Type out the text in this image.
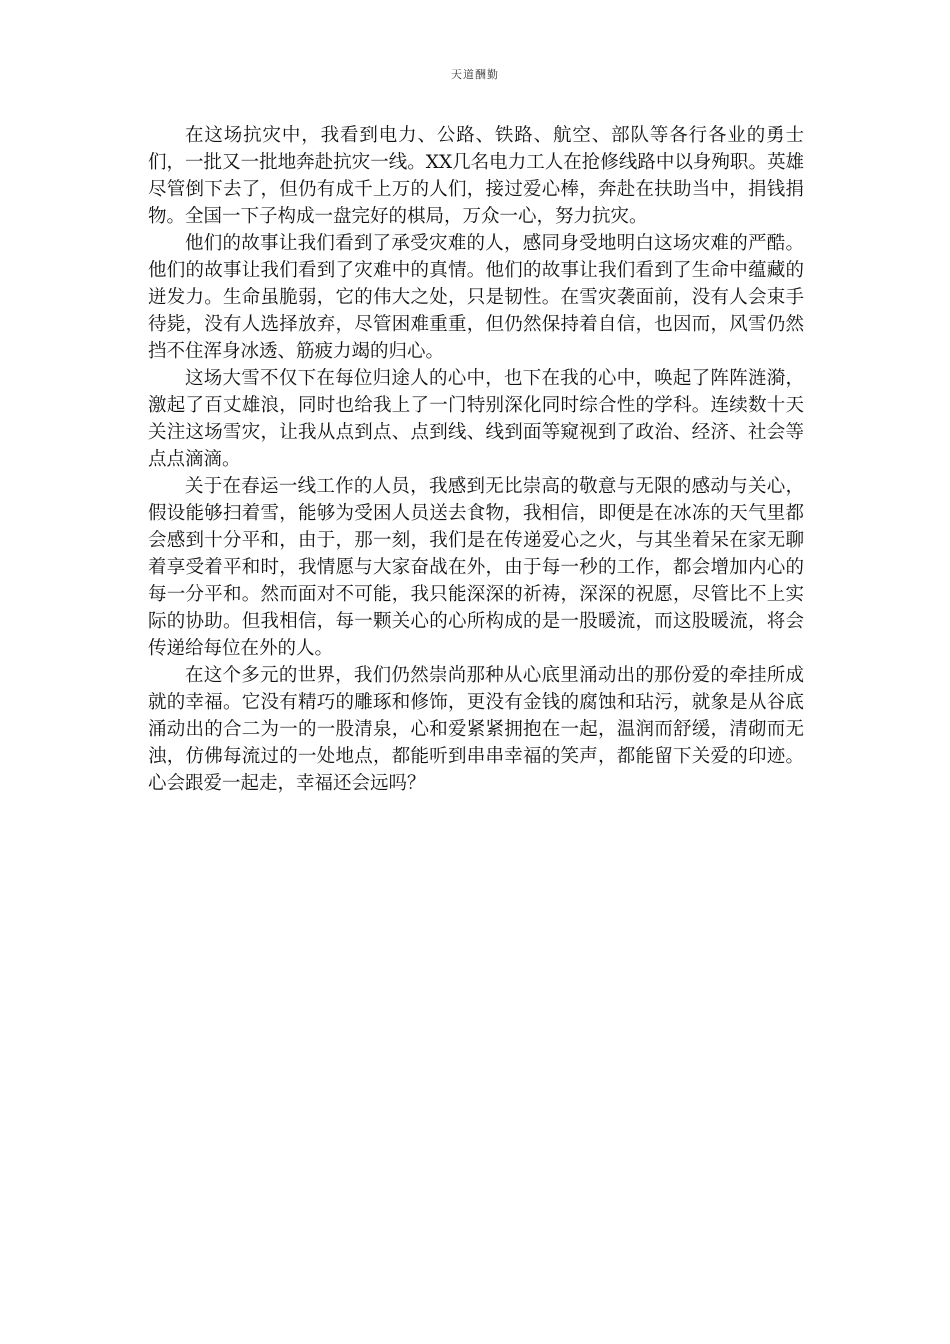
天道酬勤

在这场抗灾中，我看到电力、公路、铁路、航空、部队等各行各业的勇士们，一批又一批地奔赴抗灾一线。XX几名电力工人在抢修线路中以身殉职。英雄尽管倒下去了，但仍有成千上万的人们，接过爱心棒，奔赴在扶助当中，捐钱捐物。全国一下子构成一盘完好的棋局，万众一心，努力抗灾。

他们的故事让我们看到了承受灾难的人，感同身受地明白这场灾难的严酷。他们的故事让我们看到了灾难中的真情。他们的故事让我们看到了生命中蕴藏的迸发力。生命虽脆弱，它的伟大之处，只是韧性。在雪灾袭面前，没有人会束手待毙，没有人选择放弃，尽管困难重重，但仍然保持着自信，也因而，风雪仍然挡不住浑身冰透、筋疲力竭的归心。

这场大雪不仅下在每位归途人的心中，也下在我的心中，唤起了阵阵涟漪，激起了百丈雄浪，同时也给我上了一门特别深化同时综合性的学科。连续数十天关注这场雪灾，让我从点到点、点到线、线到面等窥视到了政治、经济、社会等点点滴滴。

关于在春运一线工作的人员，我感到无比崇高的敬意与无限的感动与关心，假设能够扫着雪，能够为受困人员送去食物，我相信，即便是在冰冻的天气里都会感到十分平和，由于，那一刻，我们是在传递爱心之火，与其坐着呆在家无聊着享受着平和时，我情愿与大家奋战在外，由于每一秒的工作，都会增加内心的每一分平和。然而面对不可能，我只能深深的祈祷，深深的祝愿，尽管比不上实际的协助。但我相信，每一颗关心的心所构成的是一股暖流，而这股暖流，将会传递给每位在外的人。

在这个多元的世界，我们仍然崇尚那种从心底里涌动出的那份爱的牵挂所成就的幸福。它没有精巧的雕琢和修饰，更没有金钱的腐蚀和玷污，就象是从谷底涌动出的合二为一的一股清泉，心和爱紧紧拥抱在一起，温润而舒缓，清砌而无浊，仿佛每流过的一处地点，都能听到串串幸福的笑声，都能留下关爱的印迹。心会跟爱一起走，幸福还会远吗？
